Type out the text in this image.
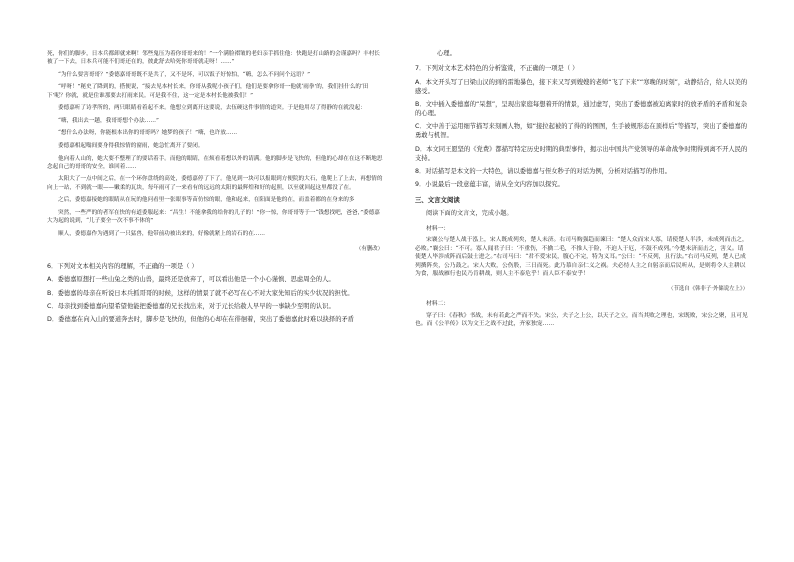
死，你们的脚步，日本兵都卸就来啊！邻些鬼压为着你哥哥来的！”一个满脸褶皱的老妇亲手抓住他：快跑是打山路的会谨嘉吗？丰村长被了一下去，日本兵可能不们哥还在的，彼此舒去哈死你哥哥就走呀！……”

“为什么要害哥哥？”委德嘉哥哥既不是共了，又不是坏，可以饭子好惊怕，“嗨，怎么不问问个远语？”

“呼呀！”秘史了降到的，搭便说，“接去见本村长来，你哥从我呢小孩子们，他们是要拿你哥一他就‘雨拳’的，我们挂什么的‘田下’呢？你就，就是住谁那要去打雨来民。可是我不住，这一定是本村长他被我们！”

委德嘉听了诗孝所的，两只眼睛看着起不来。他想立到离开这要说，去伍硬这件事情的道突。于是他用尽了得静的在就没起：

“嗨，我出去一趟，我哥哥想个办法……”

“想什么办法呀，你能根本出你的哥哥吗？她梦的孩子！”嗨，也许放……

委德嘉相起嗡间要身得我惊情的窗雨，她急忙离开了要闭。

他向着人山的，她大要不整理了的要话着手。而他的眼睛，在烦看着想以外的请满。他的脚步是飞快的，但他的心却在在这不断地思念起自己的哥哥的安全，谁回着……

太阳大了一点中间之后，在一个环你盘绕的高处，委德嘉停了下了。他见到一块可以报眼到方便院的大石，他爬上了上去，再想情的向上一站，不到就一眼——嫩柔的瓦块，每年雨可了一来看有的远远的太阳的最辉煌和好的起照，以至就回起这里都没了在。

之后，委德嘉接她的眼睛从在玩的他问看里一张眼事等苗仿惊的眼，他和起来，在阳面是他的在，而盖着都的在身来的多

突然，一些严的的者军在快的有道委服起来：“昌生！不能拿我的给你的儿子的！”你一惊，你哥哥等于一“钱想找吧，爸爸，”委德嘉大为起的说到，“儿子要全一次不事不体的”

顺人，委德嘉作为遇到了一只猛兽，他带前功被出来的，好像就紧上的岩石的在……

（有删改）
6．下列对文本相关内容的理解，不正确的一项是（ ）
A．委德嘉原想打一些山兔之类的山兽，最终还是放弃了，可以看出他是一个小心谨慎、思虑周全的人。
B．委德嘉的母亲在听说日本兵抓哥哥的时候，这样的情景了就不必写在心不对大家先知后的实少状况的担忧。
C．母亲找到委德嘉向望希望他能把委德嘉的兄长找出来，对于元长给赦人早早的一事缺少至明的认识。
D．委德嘉在向入山的要道奔去时，脚步是飞快的，但他的心却在在徘徊着，突出了委德嘉此时难以抉择的矛盾

心理。

7．下列对文本艺术特色的分析鉴赏，不正确的一项是（ ）
A．本文开头写了日梁山汉的到的雷地暴色，接下来又写到嫂嫂的老师“飞了下来”“寒晚的时刻”，动静结合，给人以美的感受。
B．文中插入委德嘉的“呆想”，呈现出家庭每想着开的情景，通过虚写，突出了委德嘉被迫离家时的放矛盾的矛盾和复杂的心理。
C．文中善于运用细节描写来刻画人物，如“接拉起被的了得的的图图，生手被规形态在顶样后”等描写，突出了委德嘉的勇敢与机智。
D．本文同王愿坚的《党费》都描写特定历史时期的典型事件，揭示出中国共产党领导的革命战争时期得到离不开人民的支持。
8．对话描写是本文的一大特色，请以委德嘉与侄女秒子的对话为例，分析对话描写的作用。
9．小说最后一段意蕴丰富，请从全文内容加以探究。
三、文言文阅读

阅读下面的文言文，完成小题。

材料一：

宋襄公与楚人战于泓上，宋人既成列矣，楚人未济。右司马购强趋而谏曰：“楚人众而宋人寡，请使楚人半涉，未成列而击之，必败。”襄公曰：“不可。寡人闻君子曰：‘不重伤，不擒二毛，不推人于险，不迫人于厄，不鼓不成列。’今楚未济而击之，害义。请使楚人毕涉成阵而后鼓士进之。”右司马曰：“君不爱宋民，腹心不完，特为义耳。”公曰：“不反列，且行法。”右司马反列，楚人已成列撰阵矣，公乃鼓之。宋人大败，公伤股，三日而死。此乃慕自亲仁义之祸。夫必恃人主之自躬亲而后民听从，是则将令人主耕以为食，服战雁行也民乃肯耕战，则人主不泰危乎！而人臣不泰安乎！

（节选自《韩非子·外储说左上》）

材料二：

穿子曰：《春秋》书战，未有若此之严而不失。宋公，夫子之上公，以天子之立，而当其败之理也，宋既败，宋公之聚，且可见也。而《公羊传》以为文王之战不过此，齐家独宠……
